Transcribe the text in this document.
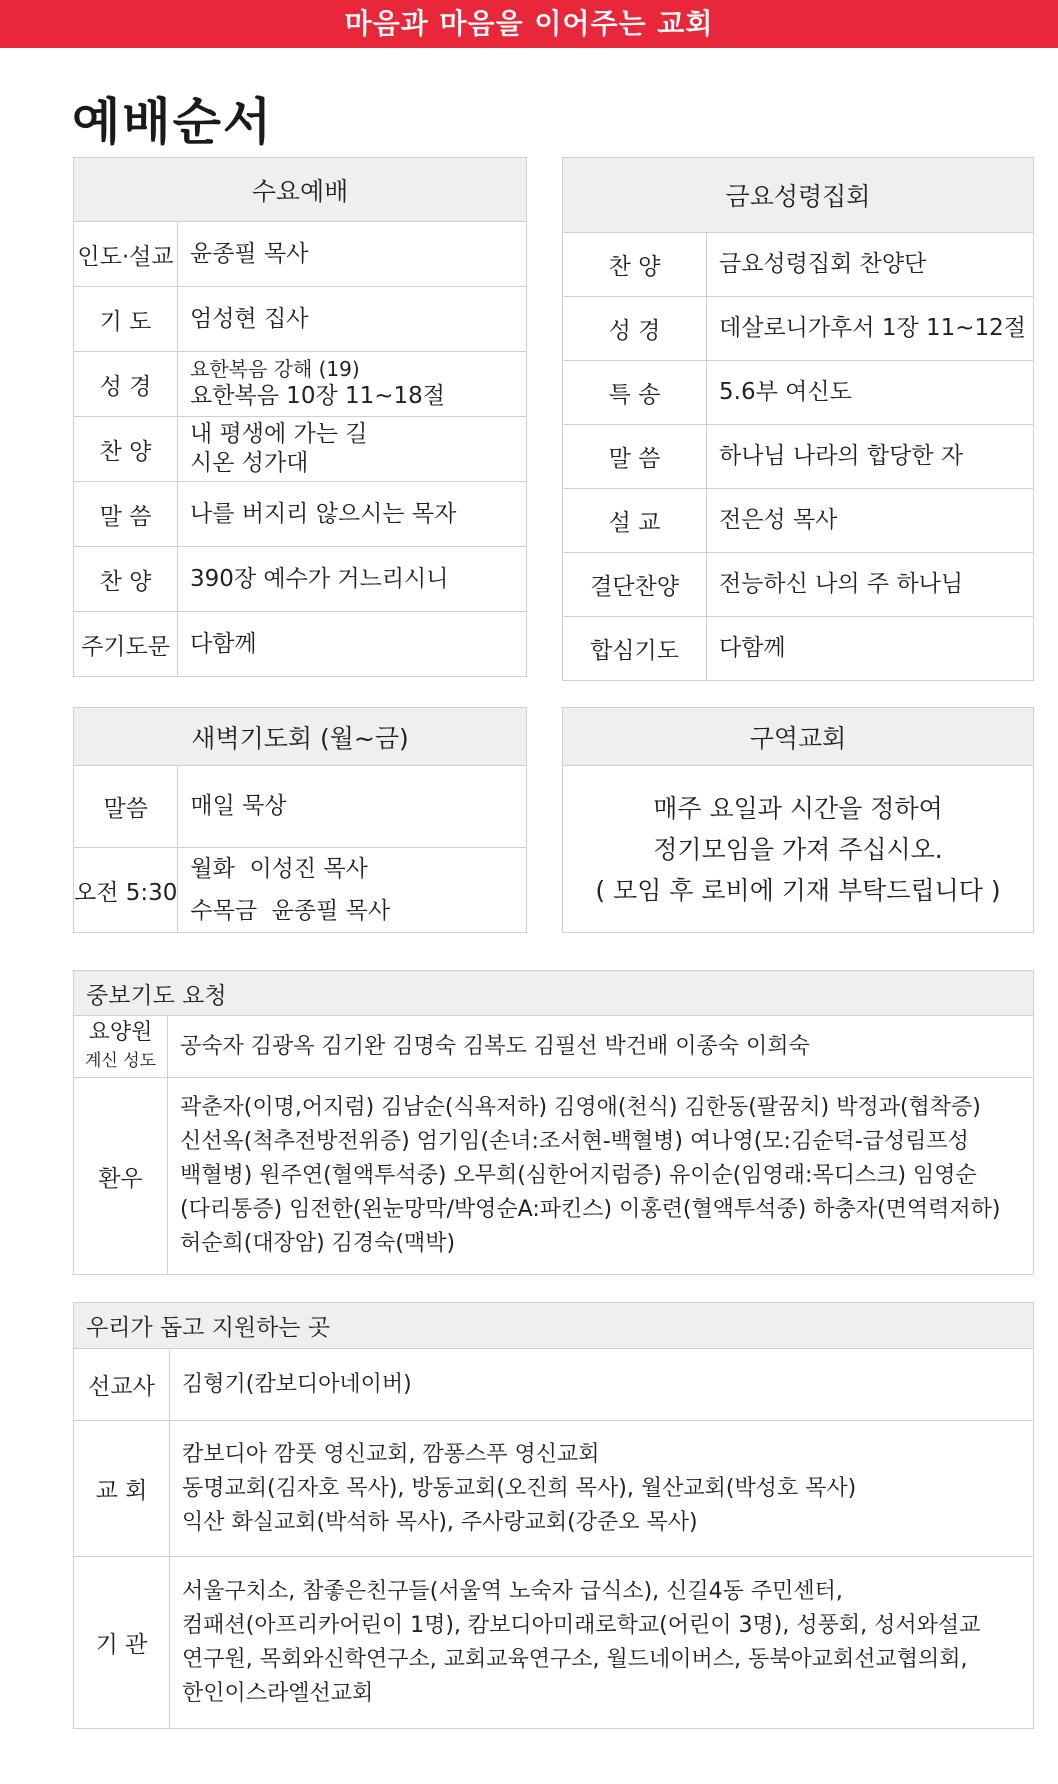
마음과 마음을 이어주는 교회
예배순서
수요예배	
인도·설교	윤종필 목사
기 도	엄성현 집사
성 경	요한복음 강해 (19)
요한복음 10장 11~18절

찬 양	내 평생에 가는 길
시온 성가대

말 씀	나를 버지리 않으시는 목자
찬 양	390장 예수가 거느리시니
주기도문	다함께
금요성령집회	
찬 양	금요성령집회 찬양단
성 경	데살로니가후서 1장 11~12절
특 송	5.6부 여신도
말 씀	하나님 나라의 합당한 자
설 교	전은성 목사
결단찬양	전능하신 나의 주 하나님
합심기도	다함께
새벽기도회 (월~금)	
말씀	매일 묵상
오전 5:30	월화  이성진 목사
수목금  윤종필 목사
구역교회

매주 요일과 시간을 정하여
정기모임을 가져 주십시오.
( 모임 후 로비에 기재 부탁드립니다 )
중보기도 요청	

요양원
계신 성도	공숙자 김광옥 김기완 김명숙 김복도 김필선 박건배 이종숙 이희숙
환우	곽춘자(이명,어지럼) 김남순(식욕저하) 김영애(천식) 김한동(팔꿈치) 박정과(협착증)
신선옥(척추전방전위증) 엄기임(손녀:조서현-백혈병) 여나영(모:김순덕-급성림프성
백혈병) 원주연(혈액투석중) 오무희(심한어지럼증) 유이순(임영래:목디스크) 임영순
(다리통증) 임전한(왼눈망막/박영순A:파킨스) 이홍련(혈액투석중) 하충자(면역력저하)
허순희(대장암) 김경숙(맥박)
우리가 돕고 지원하는 곳	
선교사	김형기(캄보디아네이버)
교 회	캄보디아 깜풋 영신교회, 깜퐁스푸 영신교회
동명교회(김자호 목사), 방동교회(오진희 목사), 월산교회(박성호 목사)
익산 화실교회(박석하 목사), 주사랑교회(강준오 목사)

기 관	서울구치소, 참좋은친구들(서울역 노숙자 급식소), 신길4동 주민센터,
컴패션(아프리카어린이 1명), 캄보디아미래로학교(어린이 3명), 성풍회, 성서와설교
연구원, 목회와신학연구소, 교회교육연구소, 월드네이버스, 동북아교회선교협의회,
한인이스라엘선교회
